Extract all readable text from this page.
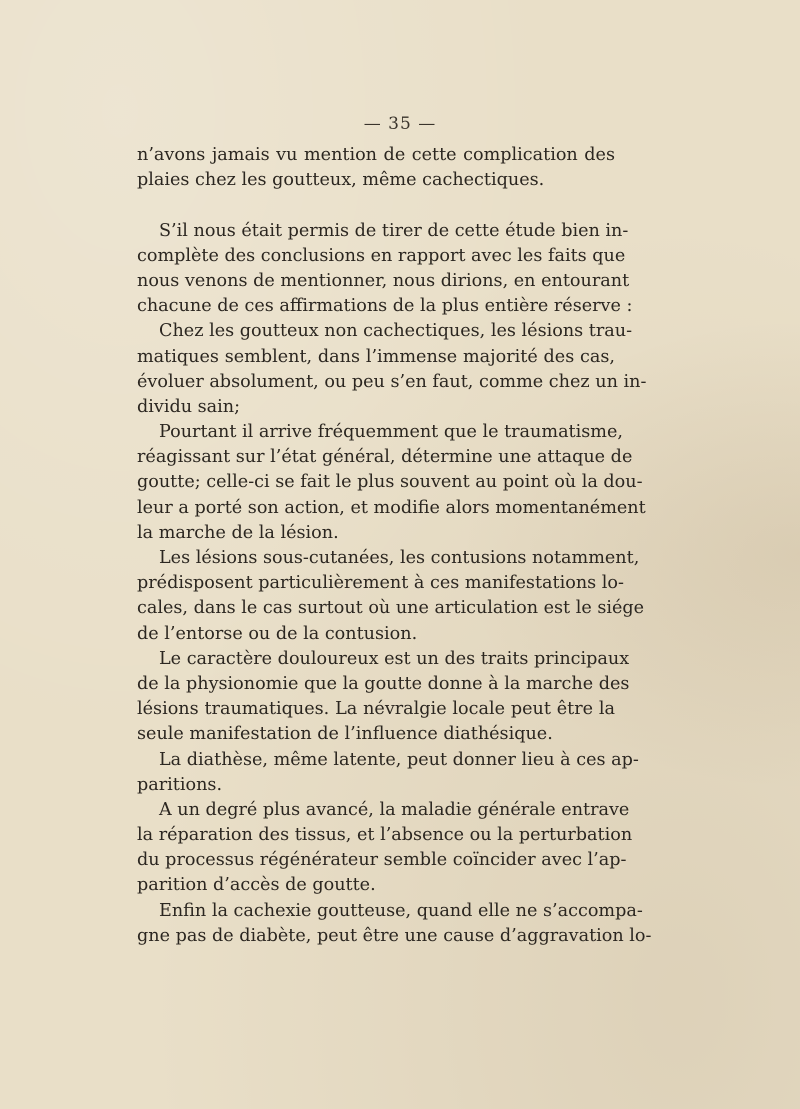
— 35 —
n’avons jamais vu mention de cette complication des
plaies chez les goutteux, même cachectiques.
S’il nous était permis de tirer de cette étude bien in-
complète des conclusions en rapport avec les faits que
nous venons de mentionner, nous dirions, en entourant
chacune de ces affirmations de la plus entière réserve :
Chez les goutteux non cachectiques, les lésions trau-
matiques semblent, dans l’immense majorité des cas,
évoluer absolument, ou peu s’en faut, comme chez un in-
dividu sain;
Pourtant il arrive fréquemment que le traumatisme,
réagissant sur l’état général, détermine une attaque de
goutte; celle-ci se fait le plus souvent au point où la dou-
leur a porté son action, et modifie alors momentanément
la marche de la lésion.
Les lésions sous-cutanées, les contusions notamment,
prédisposent particulièrement à ces manifestations lo-
cales, dans le cas surtout où une articulation est le siége
de l’entorse ou de la contusion.
Le caractère douloureux est un des traits principaux
de la physionomie que la goutte donne à la marche des
lésions traumatiques. La névralgie locale peut être la
seule manifestation de l’influence diathésique.
La diathèse, même latente, peut donner lieu à ces ap-
paritions.
A un degré plus avancé, la maladie générale entrave
la réparation des tissus, et l’absence ou la perturbation
du processus régénérateur semble coïncider avec l’ap-
parition d’accès de goutte.
Enfin la cachexie goutteuse, quand elle ne s’accompa-
gne pas de diabète, peut être une cause d’aggravation lo-
